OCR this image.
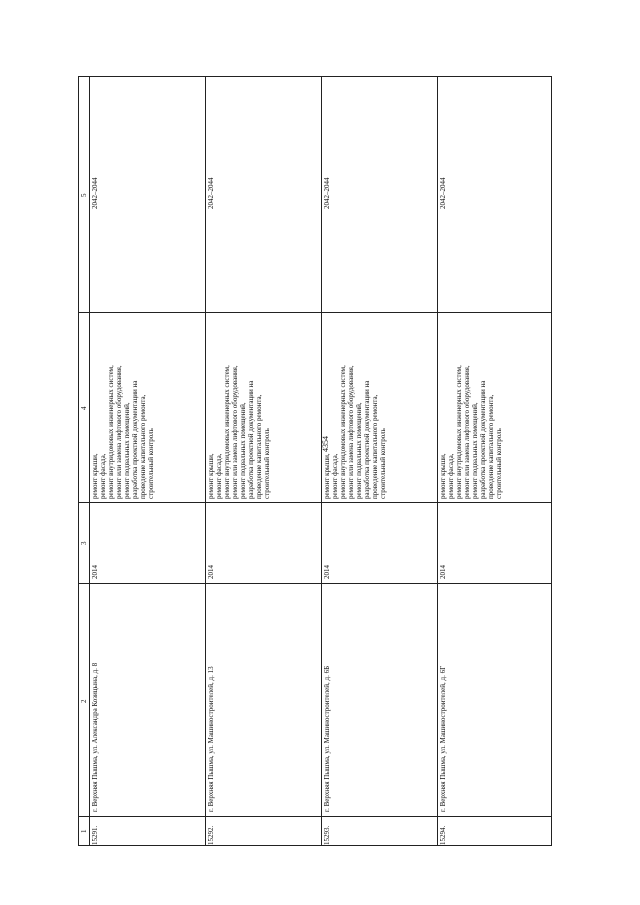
4354
1
2
3
4
5
15291.
г. Верхняя Пышма, ул. Александра Козицына, д. 8
2014
ремонт крыши, ремонт фасада, ремонт внутридомовых инженерных систем, ремонт или замена лифтового оборудования, ремонт подвальных помещений, разработка проектной документации на проведение капитального ремонта, строительный контроль
2042–2044
15292.
г. Верхняя Пышма, ул. Машиностроителей, д. 13
2014
ремонт крыши, ремонт фасада, ремонт внутридомовых инженерных систем, ремонт или замена лифтового оборудования, ремонт подвальных помещений, разработка проектной документации на проведение капитального ремонта, строительный контроль
2042–2044
15293.
г. Верхняя Пышма, ул. Машиностроителей, д. 6Б
2014
ремонт крыши, ремонт фасада, ремонт внутридомовых инженерных систем, ремонт или замена лифтового оборудования, ремонт подвальных помещений, разработка проектной документации на проведение капитального ремонта, строительный контроль
2042–2044
15294.
г. Верхняя Пышма, ул. Машиностроителей, д. 6Г
2014
ремонт крыши, ремонт фасада, ремонт внутридомовых инженерных систем, ремонт или замена лифтового оборудования, ремонт подвальных помещений, разработка проектной документации на проведение капитального ремонта, строительный контроль
2042–2044
